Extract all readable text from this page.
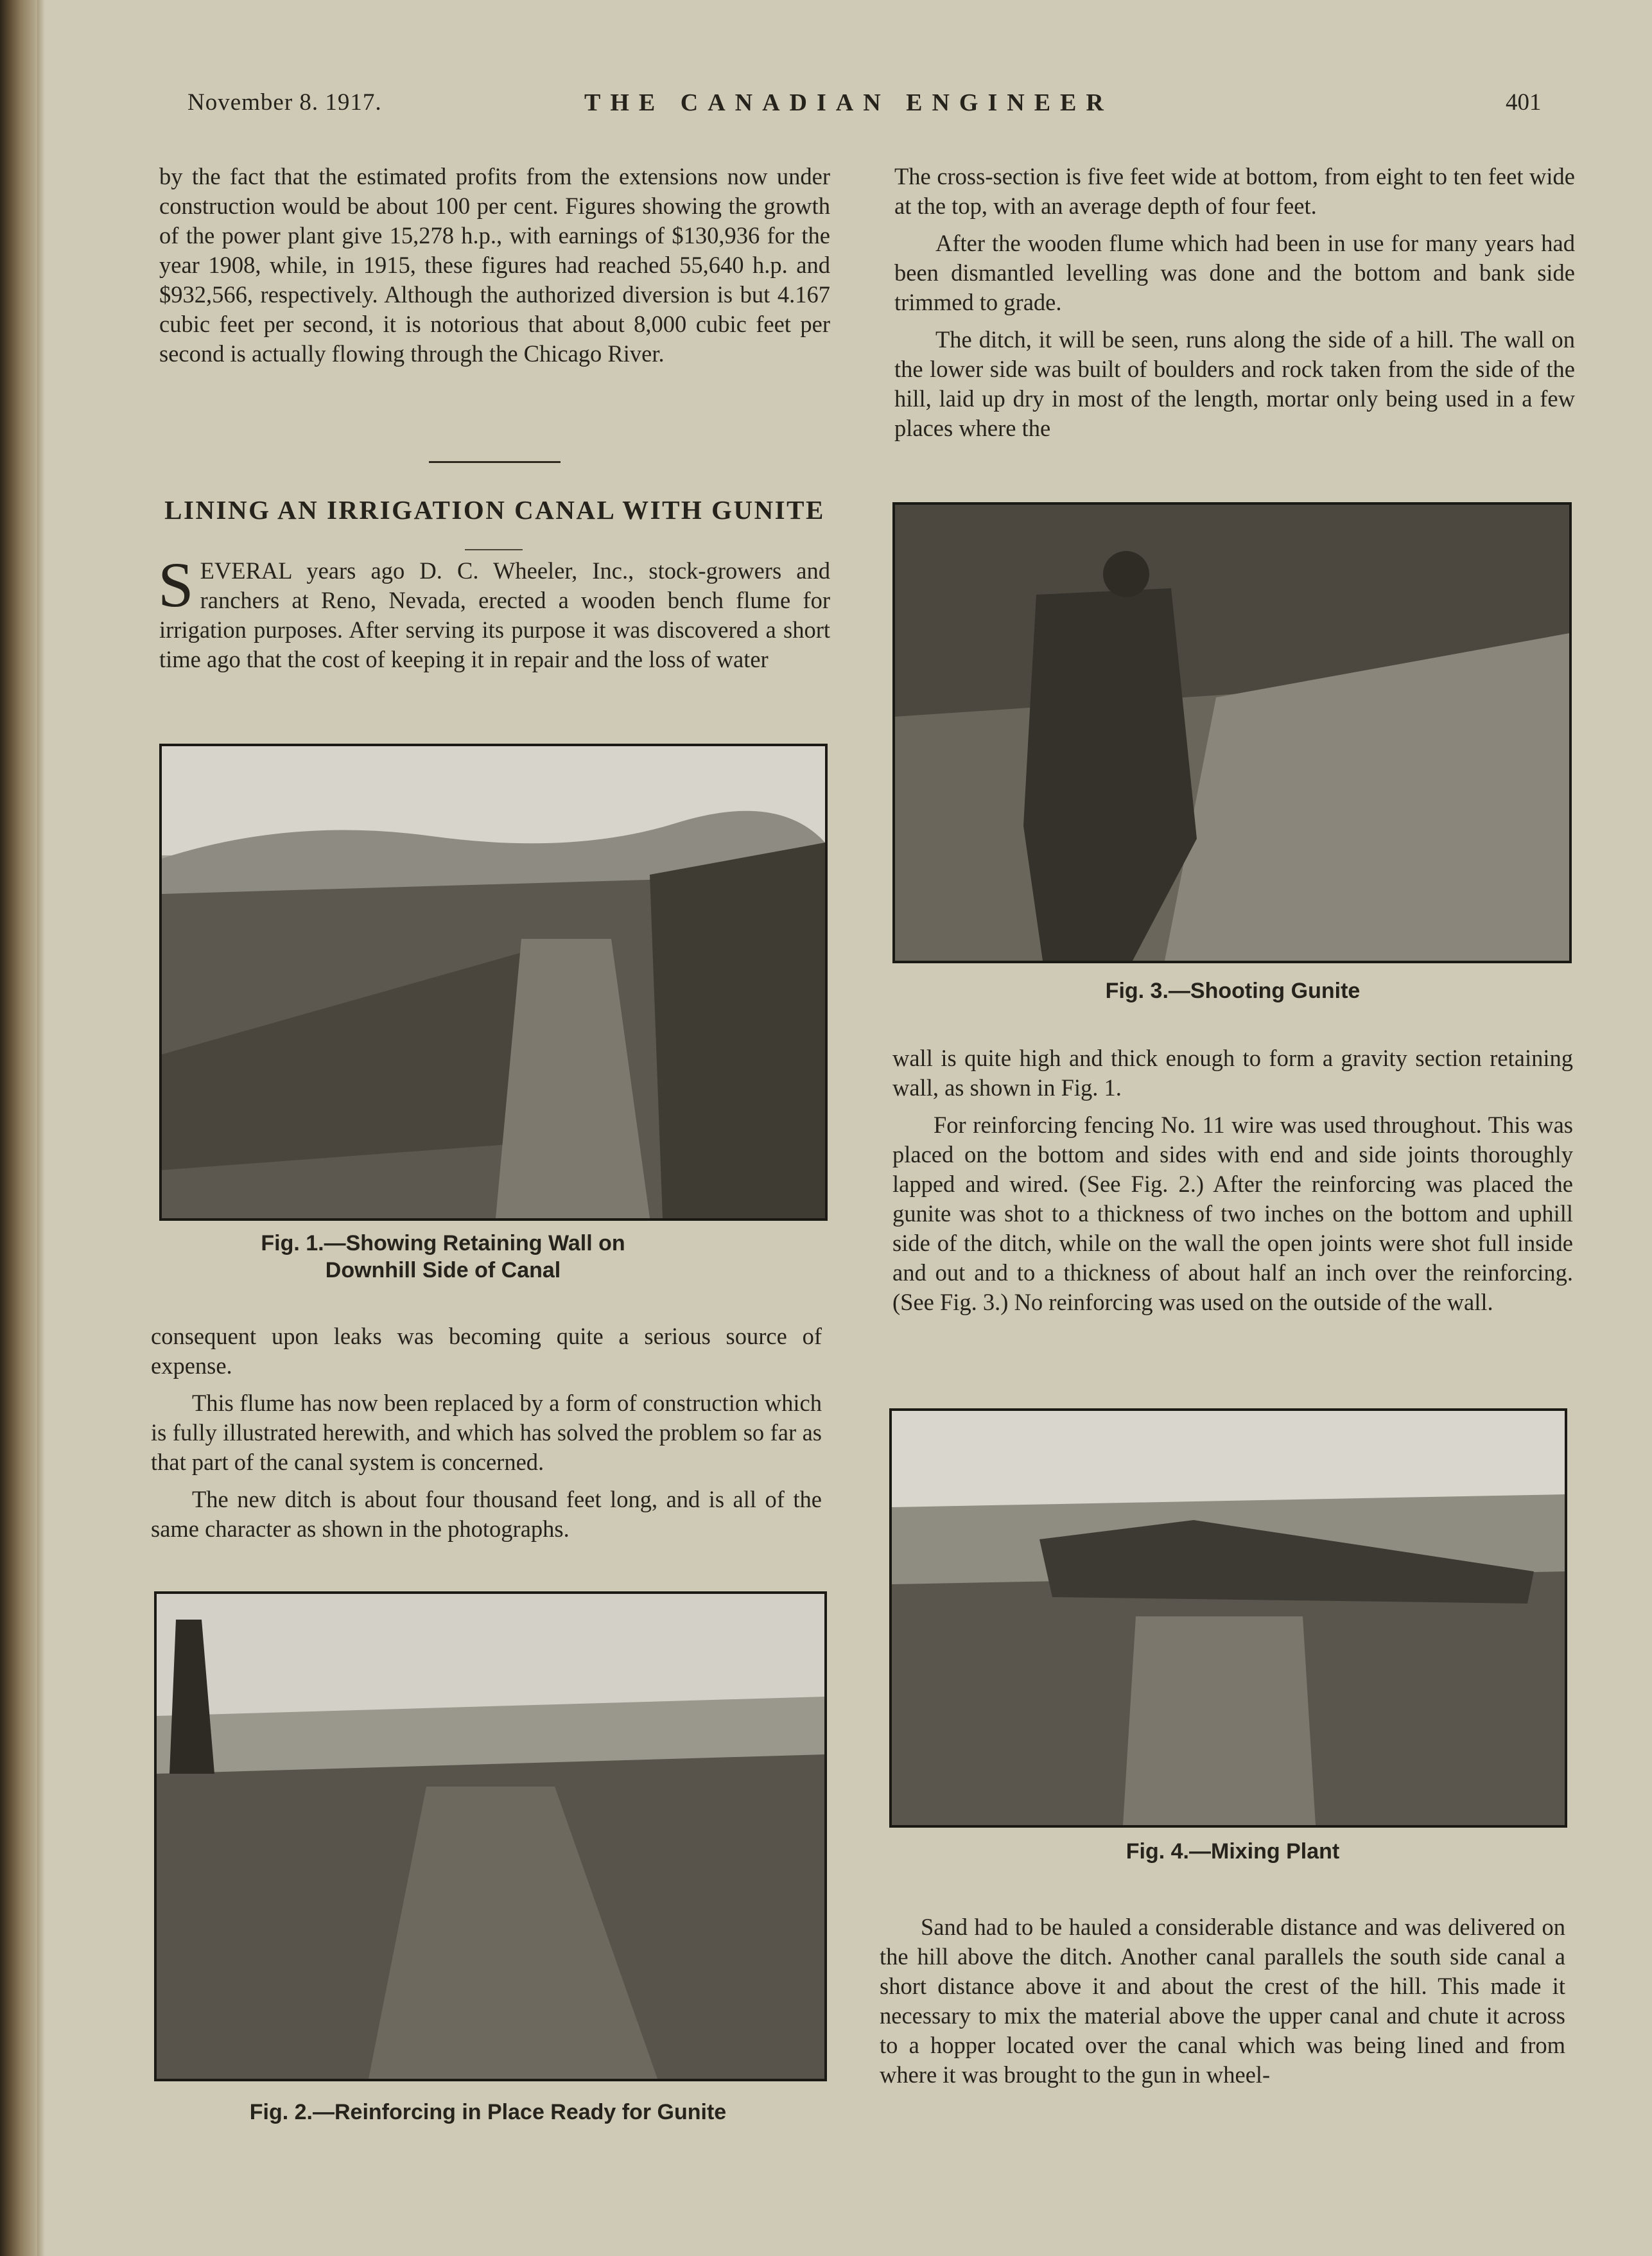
November 8. 1917.	THE CANADIAN ENGINEER	401

by the fact that the estimated profits from the extensions now under construction would be about 100 per cent. Figures showing the growth of the power plant give 15,278 h.p., with earnings of $130,936 for the year 1908, while, in 1915, these figures had reached 55,640 h.p. and $932,566, respectively. Although the authorized diversion is but 4.167 cubic feet per second, it is notorious that about 8,000 cubic feet per second is actually flowing through the Chicago River.

LINING AN IRRIGATION CANAL WITH GUNITE

SEVERAL years ago D. C. Wheeler, Inc., stock-growers and ranchers at Reno, Nevada, erected a wooden bench flume for irrigation purposes. After serving its purpose it was discovered a short time ago that the cost of keeping it in repair and the loss of water

Fig. 1.—Showing Retaining Wall on Downhill Side of Canal

consequent upon leaks was becoming quite a serious source of expense.

This flume has now been replaced by a form of construction which is fully illustrated herewith, and which has solved the problem so far as that part of the canal system is concerned.

The new ditch is about four thousand feet long, and is all of the same character as shown in the photographs.

Fig. 2.—Reinforcing in Place Ready for Gunite

The cross-section is five feet wide at bottom, from eight to ten feet wide at the top, with an average depth of four feet.

After the wooden flume which had been in use for many years had been dismantled levelling was done and the bottom and bank side trimmed to grade.

The ditch, it will be seen, runs along the side of a hill. The wall on the lower side was built of boulders and rock taken from the side of the hill, laid up dry in most of the length, mortar only being used in a few places where the

Fig. 3.—Shooting Gunite

wall is quite high and thick enough to form a gravity section retaining wall, as shown in Fig. 1.

For reinforcing fencing No. 11 wire was used throughout. This was placed on the bottom and sides with end and side joints thoroughly lapped and wired. (See Fig. 2.) After the reinforcing was placed the gunite was shot to a thickness of two inches on the bottom and uphill side of the ditch, while on the wall the open joints were shot full inside and out and to a thickness of about half an inch over the reinforcing. (See Fig. 3.) No reinforcing was used on the outside of the wall.

Fig. 4.—Mixing Plant

Sand had to be hauled a considerable distance and was delivered on the hill above the ditch. Another canal parallels the south side canal a short distance above it and about the crest of the hill. This made it necessary to mix the material above the upper canal and chute it across to a hopper located over the canal which was being lined and from where it was brought to the gun in wheel-
